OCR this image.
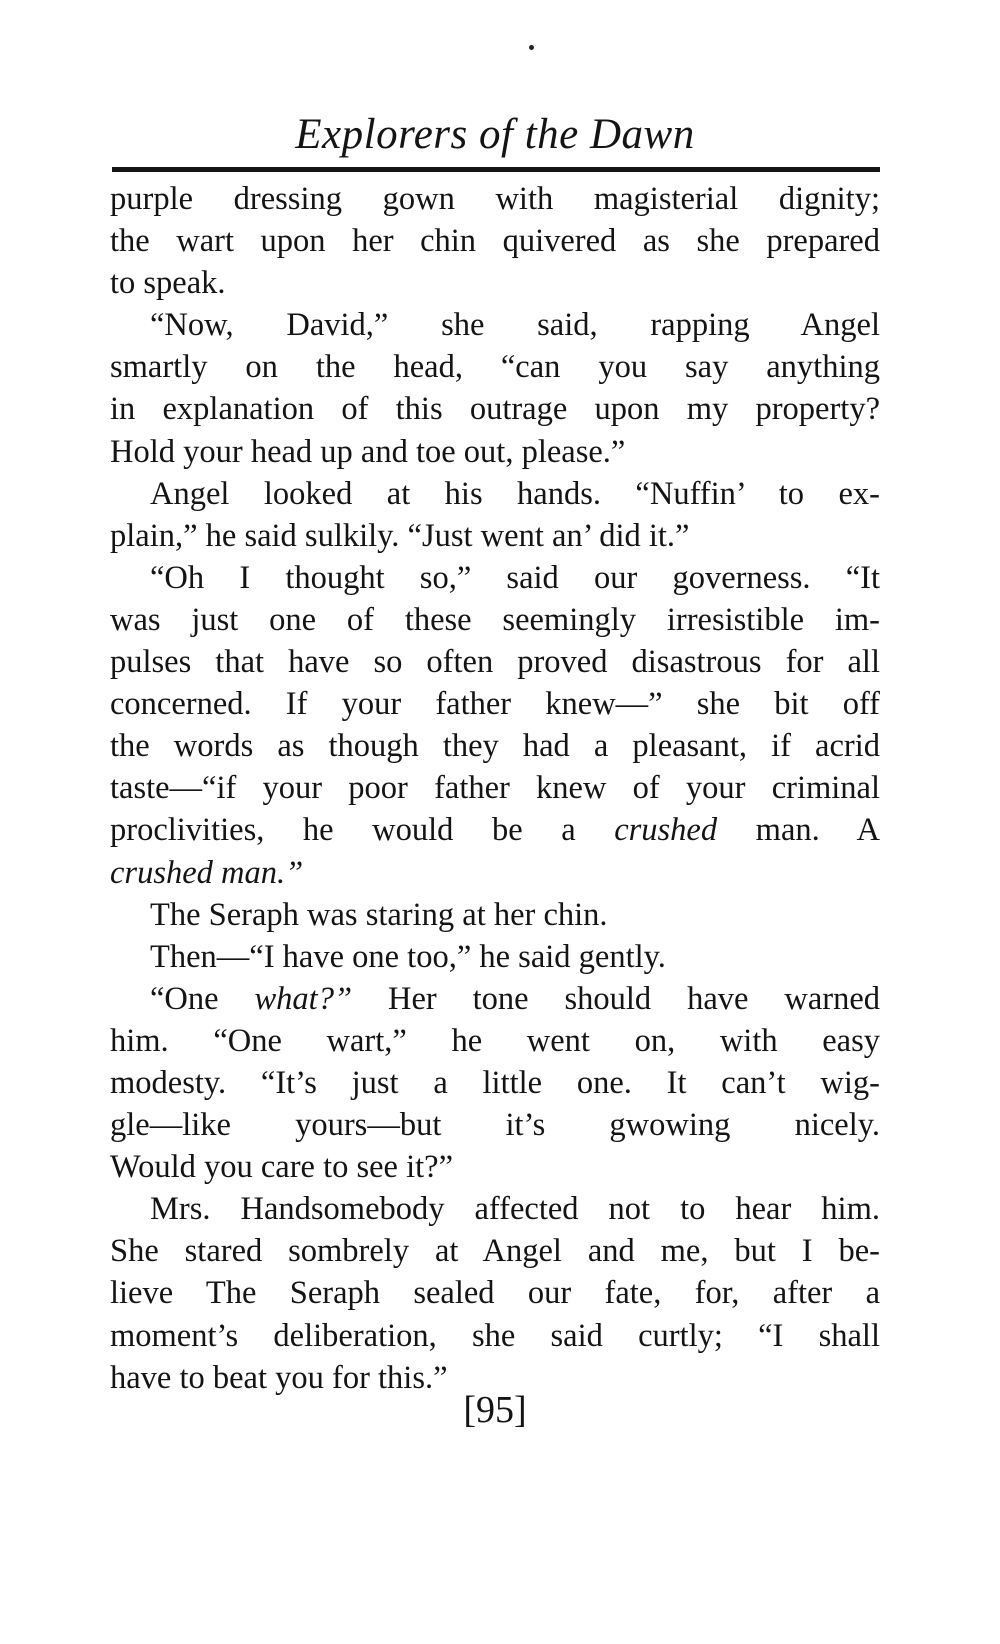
Explorers of the Dawn
purple dressing gown with magisterial dignity;
the wart upon her chin quivered as she prepared
to speak.
“Now, David,” she said, rapping Angel
smartly on the head, “can you say anything
in explanation of this outrage upon my property?
Hold your head up and toe out, please.”
Angel looked at his hands. “Nuffin’ to ex-
plain,” he said sulkily. “Just went an’ did it.”
“Oh I thought so,” said our governess. “It
was just one of these seemingly irresistible im-
pulses that have so often proved disastrous for all
concerned. If your father knew—” she bit off
the words as though they had a pleasant, if acrid
taste—“if your poor father knew of your criminal
proclivities, he would be a crushed man. A
crushed man.”
The Seraph was staring at her chin.
Then—“I have one too,” he said gently.
“One what?” Her tone should have warned
him. “One wart,” he went on, with easy
modesty. “It’s just a little one. It can’t wig-
gle—like yours—but it’s gwowing nicely.
Would you care to see it?”
Mrs. Handsomebody affected not to hear him.
She stared sombrely at Angel and me, but I be-
lieve The Seraph sealed our fate, for, after a
moment’s deliberation, she said curtly; “I shall
have to beat you for this.”
[95]
